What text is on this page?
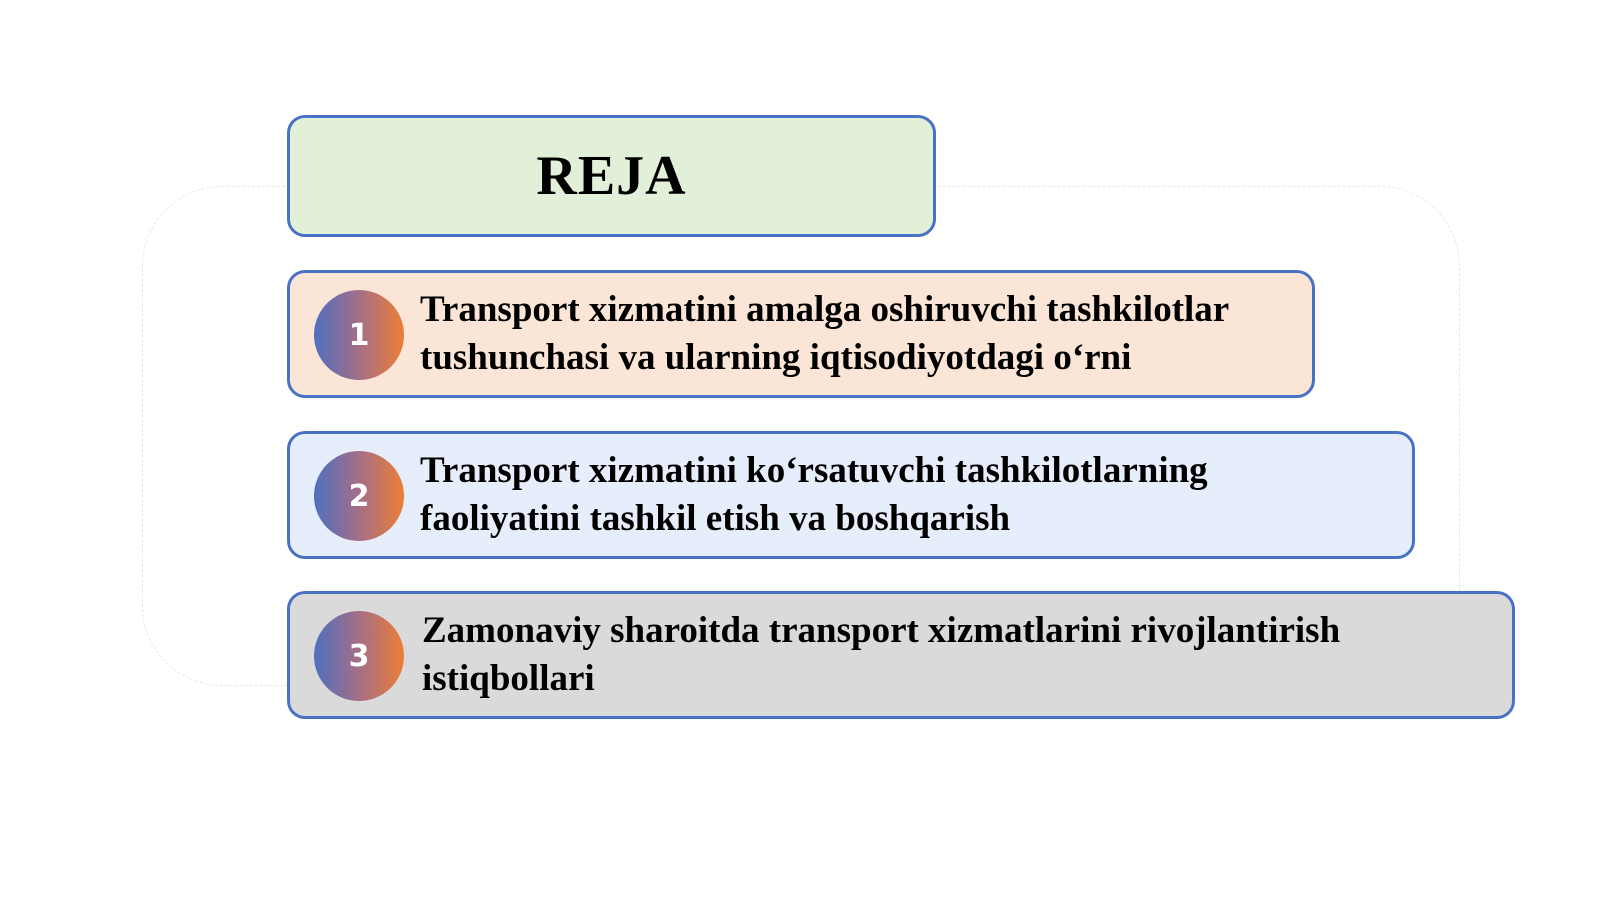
REJA
1
Transport xizmatini amalga oshiruvchi tashkilotlar
tushunchasi va ularning iqtisodiyotdagi o‘rni
2
Transport xizmatini ko‘rsatuvchi tashkilotlarning
faoliyatini tashkil etish va boshqarish
3
Zamonaviy sharoitda transport xizmatlarini rivojlantirish
istiqbollari
